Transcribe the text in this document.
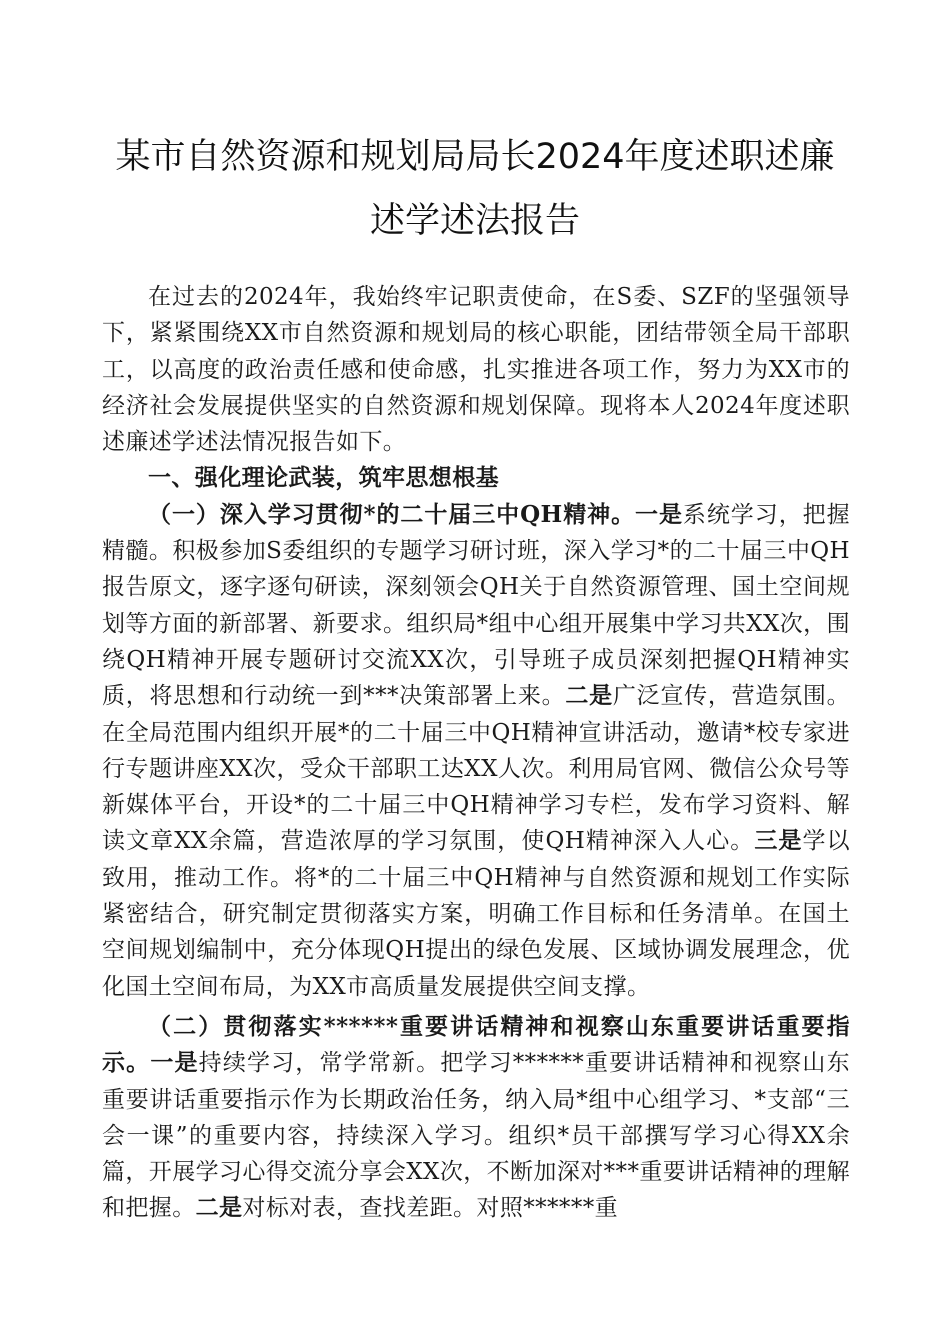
某市自然资源和规划局局长2024年度述职述廉
述学述法报告

在过去的2024年，我始终牢记职责使命，在S委、SZF的坚强领导下，紧紧围绕XX市自然资源和规划局的核心职能，团结带领全局干部职工，以高度的政治责任感和使命感，扎实推进各项工作，努力为XX市的经济社会发展提供坚实的自然资源和规划保障。现将本人2024年度述职述廉述学述法情况报告如下。

一、强化理论武装，筑牢思想根基

（一）深入学习贯彻*的二十届三中QH精神。一是系统学习，把握精髓。积极参加S委组织的专题学习研讨班，深入学习*的二十届三中QH报告原文，逐字逐句研读，深刻领会QH关于自然资源管理、国土空间规划等方面的新部署、新要求。组织局*组中心组开展集中学习共XX次，围绕QH精神开展专题研讨交流XX次，引导班子成员深刻把握QH精神实质，将思想和行动统一到***决策部署上来。二是广泛宣传，营造氛围。在全局范围内组织开展*的二十届三中QH精神宣讲活动，邀请*校专家进行专题讲座XX次，受众干部职工达XX人次。利用局官网、微信公众号等新媒体平台，开设*的二十届三中QH精神学习专栏，发布学习资料、解读文章XX余篇，营造浓厚的学习氛围，使QH精神深入人心。三是学以致用，推动工作。将*的二十届三中QH精神与自然资源和规划工作实际紧密结合，研究制定贯彻落实方案，明确工作目标和任务清单。在国土空间规划编制中，充分体现QH提出的绿色发展、区域协调发展理念，优化国土空间布局，为XX市高质量发展提供空间支撑。

（二）贯彻落实******重要讲话精神和视察山东重要讲话重要指示。一是持续学习，常学常新。把学习******重要讲话精神和视察山东重要讲话重要指示作为长期政治任务，纳入局*组中心组学习、*支部“三会一课”的重要内容，持续深入学习。组织*员干部撰写学习心得XX余篇，开展学习心得交流分享会XX次，不断加深对***重要讲话精神的理解和把握。二是对标对表，查找差距。对照******重
